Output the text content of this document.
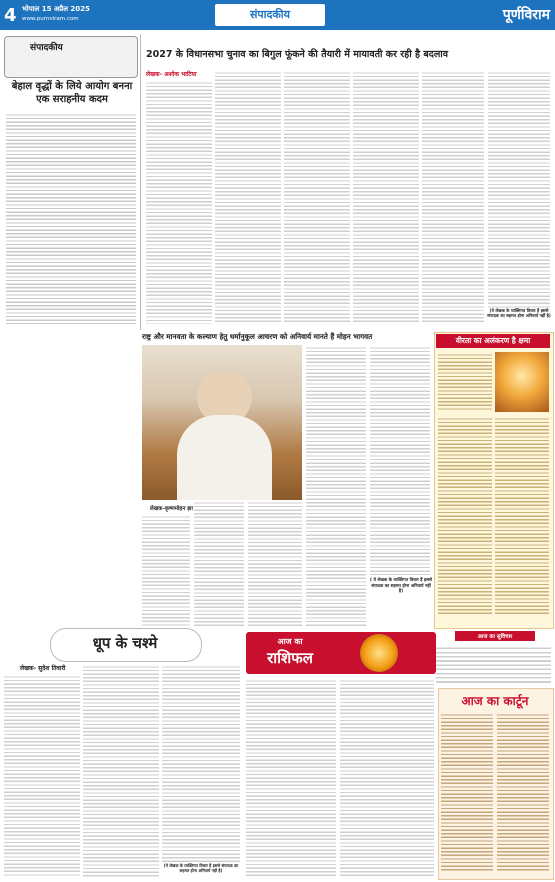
4 भोपाल 15 अप्रैल 2025
www.purnviram.com	संपादकीय	पूर्णविराम
संपादकीय
बेहाल वृद्धों के लिये आयोग बनना एक सराहनीय कदम
2027 के विधानसभा चुनाव का बिगुल फूंकने की तैयारी में मायावती कर रही है बदलाव
लेखक- अशोक भाटिया
(ये लेखक के व्यक्तिगत विचार हैं इससे संपादक का सहमत होना अनिवार्य नहीं है)
राष्ट्र और मानवता के कल्याण हेतु धर्मानुकूल आचरण को अनिवार्य मानते हैं मोहन भागवत
लेखक-कृष्णमोहन झा
( ये लेखक के व्यक्तिगत विचार हैं इससे संपादक का सहमत होना अनिवार्य नहीं है)
वीरता का अलंकरण है क्षमा
आज का सुविचार
धूप के चश्मे
लेखक- सुदेश तिवारी
(ये लेखक के व्यक्तिगत विचार हैं इससे संपादक का सहमत होना अनिवार्य नहीं है)
आज का
राशिफल
आज का कार्टून
